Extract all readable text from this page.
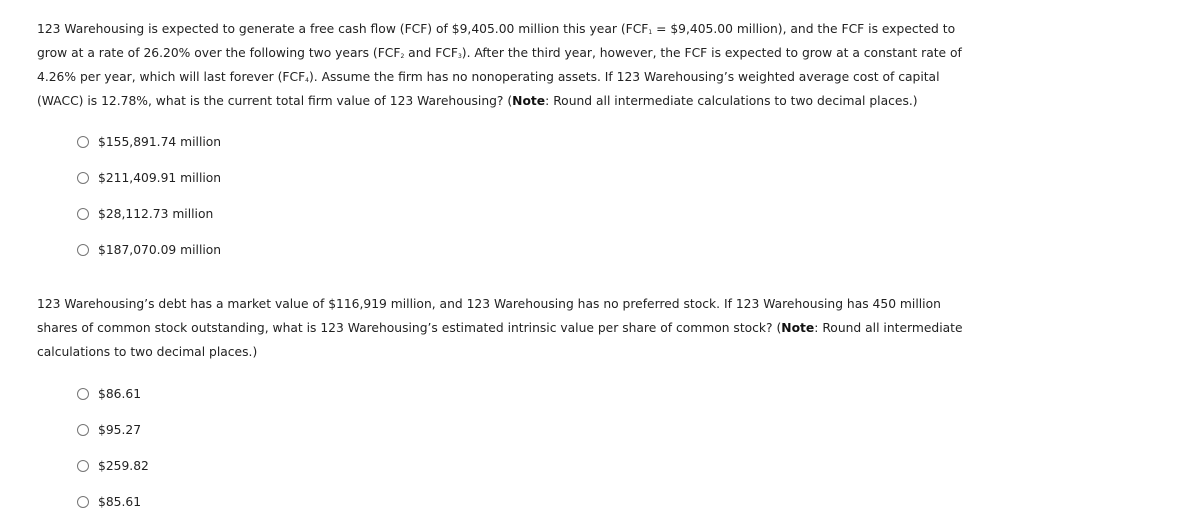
123 Warehousing is expected to generate a free cash flow (FCF) of $9,405.00 million this year ($FCF_1$ = $9,405.00 million), and the FCF is expected to grow at a rate of 26.20% over the following two years ($FCF_2$ and $FCF_3$). After the third year, however, the FCF is expected to grow at a constant rate of 4.26% per year, which will last forever $(FCF_4)$. Assume the firm has no nonoperating assets. If 123 Warehousing’s weighted average cost of capital (WACC) is 12.78%, what is the current total firm value of 123 Warehousing? (Note: Round all intermediate calculations to two decimal places.)

$155,891.74 million
$211,409.91 million
$28,112.73 million
$187,070.09 million

123 Warehousing’s debt has a market value of $116,919 million, and 123 Warehousing has no preferred stock. If 123 Warehousing has 450 million shares of common stock outstanding, what is 123 Warehousing’s estimated intrinsic value per share of common stock? (Note: Round all intermediate calculations to two decimal places.)

$86.61
$95.27
$259.82
$85.61
